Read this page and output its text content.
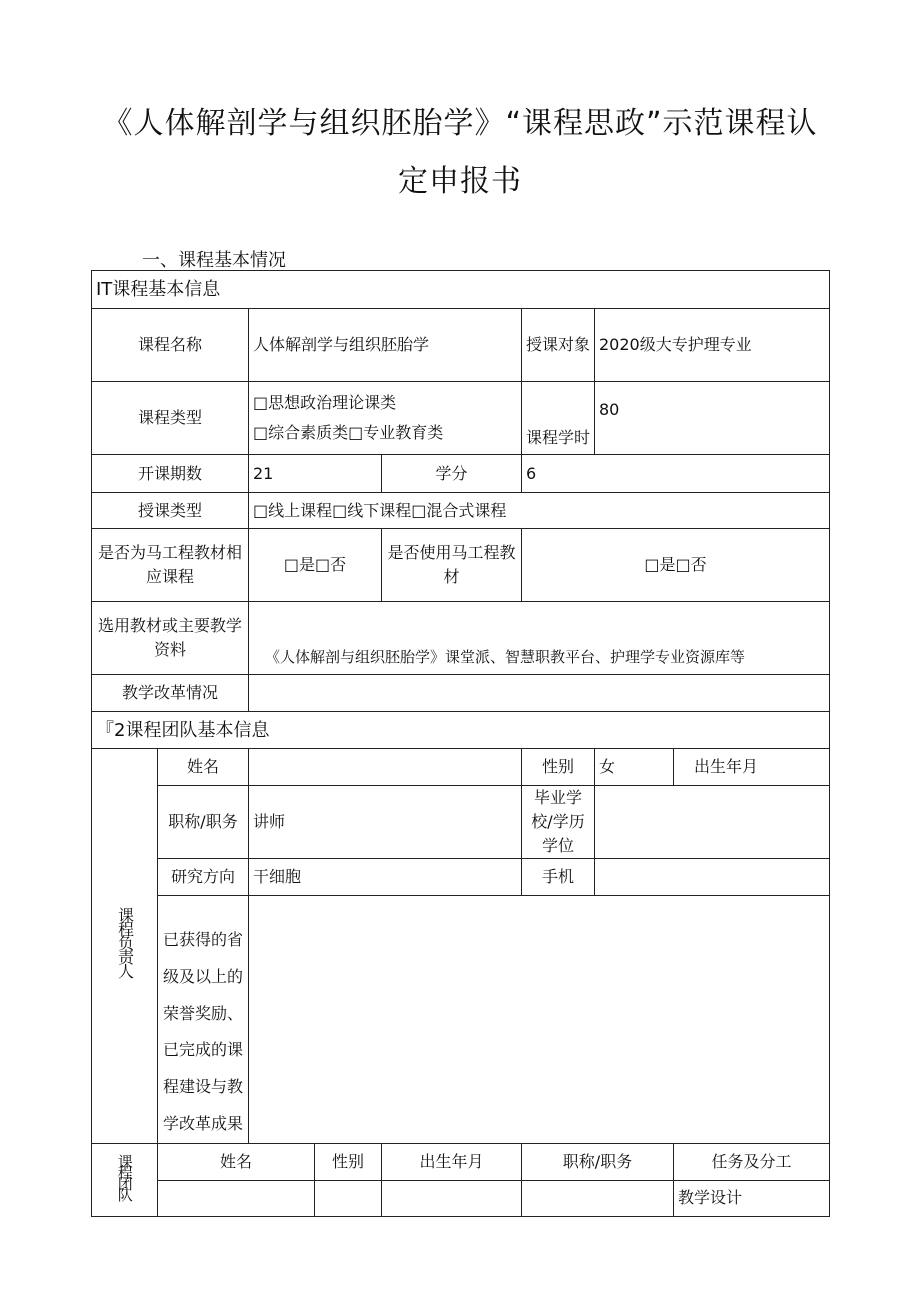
《人体解剖学与组织胚胎学》“课程思政”示范课程认
定申报书
一、课程基本情况
IT课程基本信息							
课程名称		人体解剖学与组织胚胎学			授课对象	2020级大专护理专业	
课程类型		□思想政治理论课类
□综合素质类□专业教育类			课程学时	80	
开课期数		21		学分	6		
授课类型		□线上课程□线下课程□混合式课程					
是否为马工程教材相应课程		□是□否		是否使用马工程教材	□是□否		
选用教材或主要教学资料		《人体解剖与组织胚胎学》课堂派、智慧职教平台、护理学专业资源库等					
教学改革情况							
『2课程团队基本信息							
课程负责人	姓名				性别	女	出生年月
	职称/职务	讲师			毕业学校/学历学位		
	研究方向	干细胞			手机		
	已获得的省级及以上的荣誉奖励、已完成的课程建设与教学改革成果						
课程团队	姓名		性别	出生年月	职称/职务		任务及分工
							教学设计
